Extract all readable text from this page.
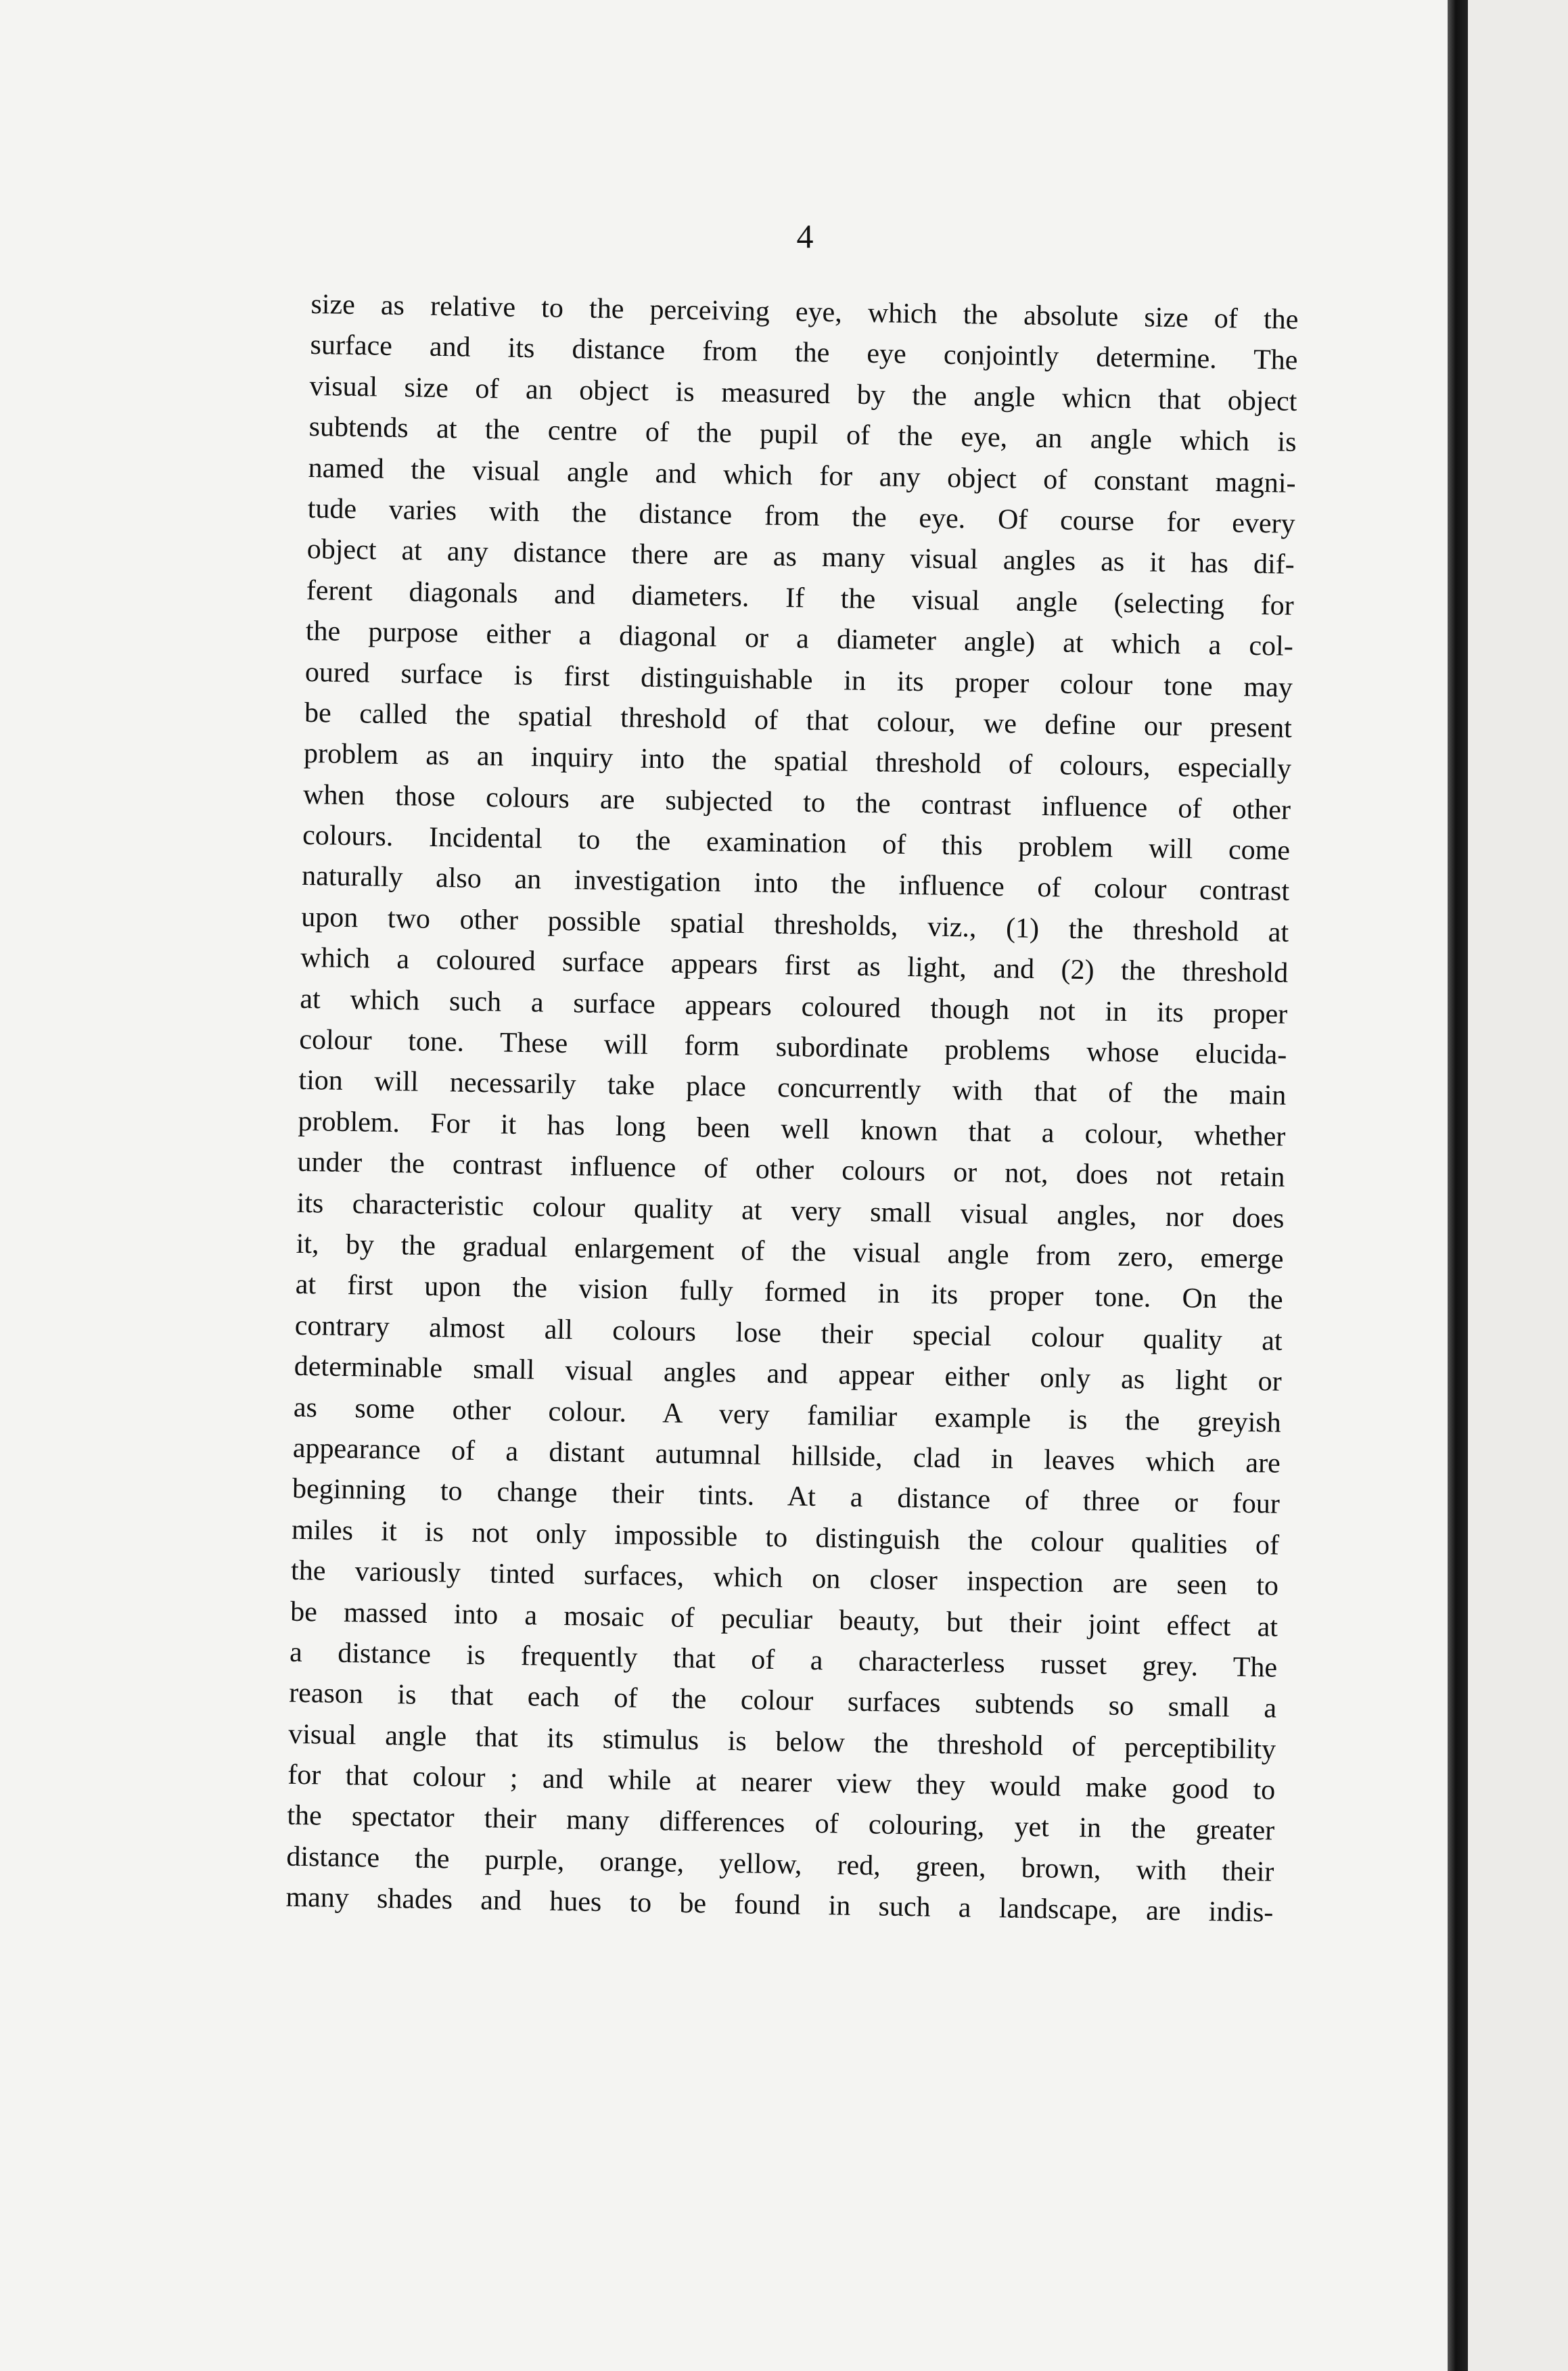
4
size as relative to the perceiving eye, which the absolute size of the
surface and its distance from the eye conjointly determine. The
visual size of an object is measured by the angle whicn that object
subtends at the centre of the pupil of the eye, an angle which is
named the visual angle and which for any object of constant magni-
tude varies with the distance from the eye. Of course for every
object at any distance there are as many visual angles as it has dif-
ferent diagonals and diameters. If the visual angle (selecting for
the purpose either a diagonal or a diameter angle) at which a col-
oured surface is first distinguishable in its proper colour tone may
be called the spatial threshold of that colour, we define our present
problem as an inquiry into the spatial threshold of colours, especially
when those colours are subjected to the contrast influence of other
colours. Incidental to the examination of this problem will come
naturally also an investigation into the influence of colour contrast
upon two other possible spatial thresholds, viz., (1) the threshold at
which a coloured surface appears first as light, and (2) the threshold
at which such a surface appears coloured though not in its proper
colour tone. These will form subordinate problems whose elucida-
tion will necessarily take place concurrently with that of the main
problem. For it has long been well known that a colour, whether
under the contrast influence of other colours or not, does not retain
its characteristic colour quality at very small visual angles, nor does
it, by the gradual enlargement of the visual angle from zero, emerge
at first upon the vision fully formed in its proper tone. On the
contrary almost all colours lose their special colour quality at
determinable small visual angles and appear either only as light or
as some other colour. A very familiar example is the greyish
appearance of a distant autumnal hillside, clad in leaves which are
beginning to change their tints. At a distance of three or four
miles it is not only impossible to distinguish the colour qualities of
the variously tinted surfaces, which on closer inspection are seen to
be massed into a mosaic of peculiar beauty, but their joint effect at
a distance is frequently that of a characterless russet grey. The
reason is that each of the colour surfaces subtends so small a
visual angle that its stimulus is below the threshold of perceptibility
for that colour ; and while at nearer view they would make good to
the spectator their many differences of colouring, yet in the greater
distance the purple, orange, yellow, red, green, brown, with their
many shades and hues to be found in such a landscape, are indis-
